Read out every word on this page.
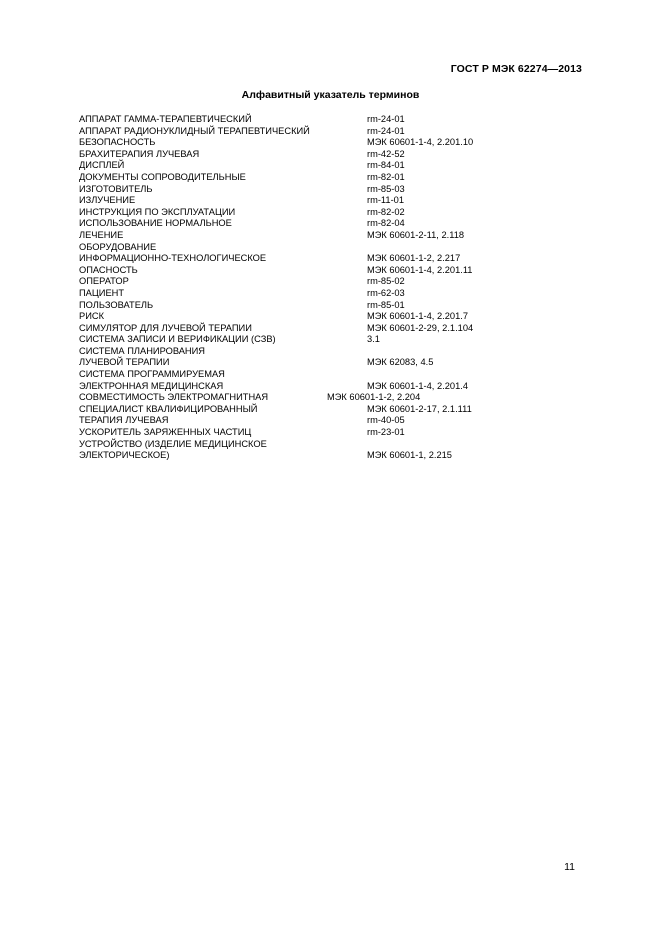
ГОСТ Р МЭК 62274—2013
Алфавитный указатель терминов
АППАРАТ ГАММА-ТЕРАПЕВТИЧЕСКИЙ	rm-24-01
АППАРАТ РАДИОНУКЛИДНЫЙ ТЕРАПЕВТИЧЕСКИЙ	rm-24-01
БЕЗОПАСНОСТЬ	МЭК 60601-1-4, 2.201.10
БРАХИТЕРАПИЯ ЛУЧЕВАЯ	rm-42-52
ДИСПЛЕЙ	rm-84-01
ДОКУМЕНТЫ СОПРОВОДИТЕЛЬНЫЕ	rm-82-01
ИЗГОТОВИТЕЛЬ	rm-85-03
ИЗЛУЧЕНИЕ	rm-11-01
ИНСТРУКЦИЯ ПО ЭКСПЛУАТАЦИИ	rm-82-02
ИСПОЛЬЗОВАНИЕ НОРМАЛЬНОЕ	rm-82-04
ЛЕЧЕНИЕ	МЭК 60601-2-11, 2.118
ОБОРУДОВАНИЕ
ИНФОРМАЦИОННО-ТЕХНОЛОГИЧЕСКОЕ	МЭК 60601-1-2, 2.217
ОПАСНОСТЬ	МЭК 60601-1-4, 2.201.11
ОПЕРАТОР	rm-85-02
ПАЦИЕНТ	rm-62-03
ПОЛЬЗОВАТЕЛЬ	rm-85-01
РИСК	МЭК 60601-1-4, 2.201.7
СИМУЛЯТОР ДЛЯ ЛУЧЕВОЙ ТЕРАПИИ	МЭК 60601-2-29, 2.1.104
СИСТЕМА ЗАПИСИ И ВЕРИФИКАЦИИ (СЗВ)	3.1
СИСТЕМА ПЛАНИРОВАНИЯ
ЛУЧЕВОЙ ТЕРАПИИ	МЭК 62083, 4.5
СИСТЕМА ПРОГРАММИРУЕМАЯ
ЭЛЕКТРОННАЯ МЕДИЦИНСКАЯ	МЭК 60601-1-4, 2.201.4
СОВМЕСТИМОСТЬ ЭЛЕКТРОМАГНИТНАЯ	МЭК 60601-1-2, 2.204
СПЕЦИАЛИСТ КВАЛИФИЦИРОВАННЫЙ	МЭК 60601-2-17, 2.1.111
ТЕРАПИЯ ЛУЧЕВАЯ	rm-40-05
УСКОРИТЕЛЬ ЗАРЯЖЕННЫХ ЧАСТИЦ	rm-23-01
УСТРОЙСТВО (ИЗДЕЛИЕ МЕДИЦИНСКОЕ
ЭЛЕКТОРИЧЕСКОЕ)	МЭК 60601-1, 2.215
11
